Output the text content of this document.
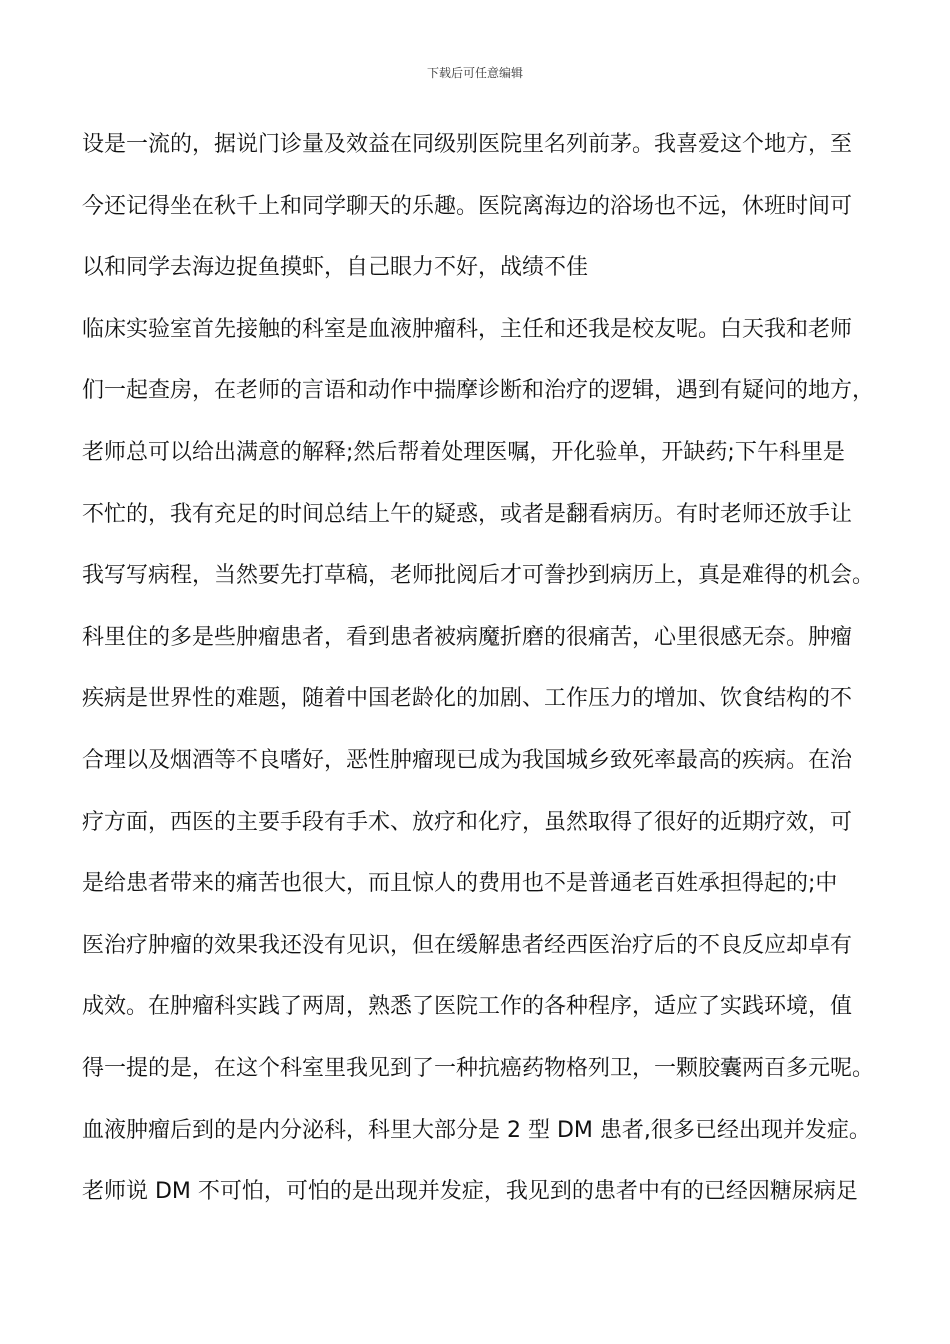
下载后可任意编辑
设是一流的，据说门诊量及效益在同级别医院里名列前茅。我喜爱这个地方，至
今还记得坐在秋千上和同学聊天的乐趣。医院离海边的浴场也不远，休班时间可
以和同学去海边捉鱼摸虾，自己眼力不好，战绩不佳
临床实验室首先接触的科室是血液肿瘤科，主任和还我是校友呢。白天我和老师
们一起查房，在老师的言语和动作中揣摩诊断和治疗的逻辑，遇到有疑问的地方，
老师总可以给出满意的解释;然后帮着处理医嘱，开化验单，开缺药;下午科里是
不忙的，我有充足的时间总结上午的疑惑，或者是翻看病历。有时老师还放手让
我写写病程，当然要先打草稿，老师批阅后才可誊抄到病历上，真是难得的机会。
科里住的多是些肿瘤患者，看到患者被病魔折磨的很痛苦，心里很感无奈。肿瘤
疾病是世界性的难题，随着中国老龄化的加剧、工作压力的增加、饮食结构的不
合理以及烟酒等不良嗜好，恶性肿瘤现已成为我国城乡致死率最高的疾病。在治
疗方面，西医的主要手段有手术、放疗和化疗，虽然取得了很好的近期疗效，可
是给患者带来的痛苦也很大，而且惊人的费用也不是普通老百姓承担得起的;中
医治疗肿瘤的效果我还没有见识，但在缓解患者经西医治疗后的不良反应却卓有
成效。在肿瘤科实践了两周，熟悉了医院工作的各种程序，适应了实践环境，值
得一提的是，在这个科室里我见到了一种抗癌药物格列卫，一颗胶囊两百多元呢。
血液肿瘤后到的是内分泌科，科里大部分是 2 型 DM 患者,很多已经出现并发症。
老师说 DM 不可怕，可怕的是出现并发症，我见到的患者中有的已经因糖尿病足
